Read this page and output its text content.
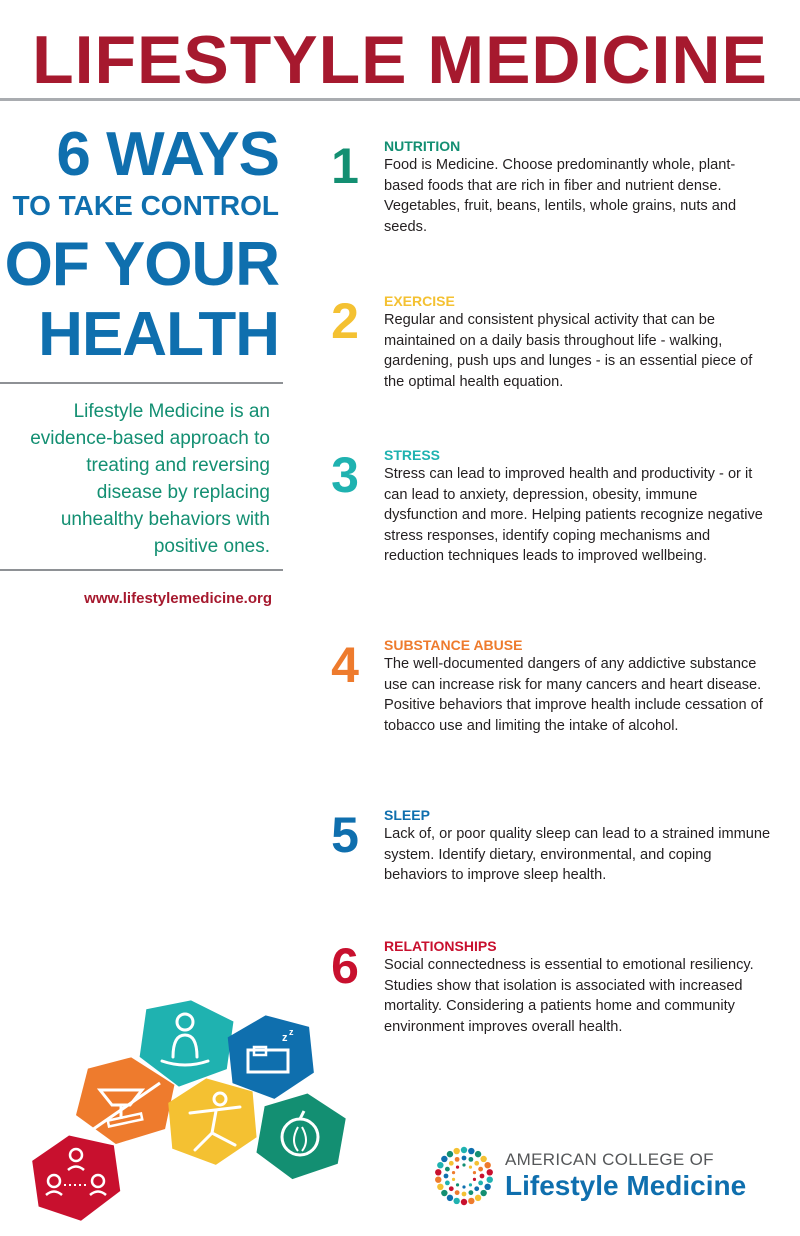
LIFESTYLE MEDICINE
6 WAYS
TO TAKE CONTROL
OF YOUR
HEALTH

Lifestyle Medicine is an evidence-based approach to treating and reversing disease by replacing unhealthy behaviors with positive ones.

www.lifestylemedicine.org

1	NUTRITION

Food is Medicine. Choose predominantly whole, plant-based foods that are rich in fiber and nutrient dense. Vegetables, fruit, beans, lentils, whole grains, nuts and seeds.

2	EXERCISE

Regular and consistent physical activity that can be maintained on a daily basis throughout life - walking, gardening, push ups and lunges - is an essential piece of the optimal health equation.

3	STRESS

Stress can lead to improved health and productivity - or it can lead to anxiety, depression, obesity, immune dysfunction and more. Helping patients recognize negative stress responses, identify coping mechanisms and reduction techniques leads to improved wellbeing.

4	SUBSTANCE ABUSE

The well-documented dangers of any addictive substance use can increase risk for many cancers and heart disease. Positive behaviors that improve health include cessation of tobacco use and limiting the intake of alcohol.

5	SLEEP

Lack of, or poor quality sleep can lead to a strained immune system. Identify dietary, environmental, and coping behaviors to improve sleep health.

6	RELATIONSHIPS

Social connectedness is essential to emotional resiliency. Studies show that isolation is associated with increased mortality. Considering a patients home and community environment improves overall health.

z z

AMERICAN COLLEGE OF

Lifestyle Medicine
